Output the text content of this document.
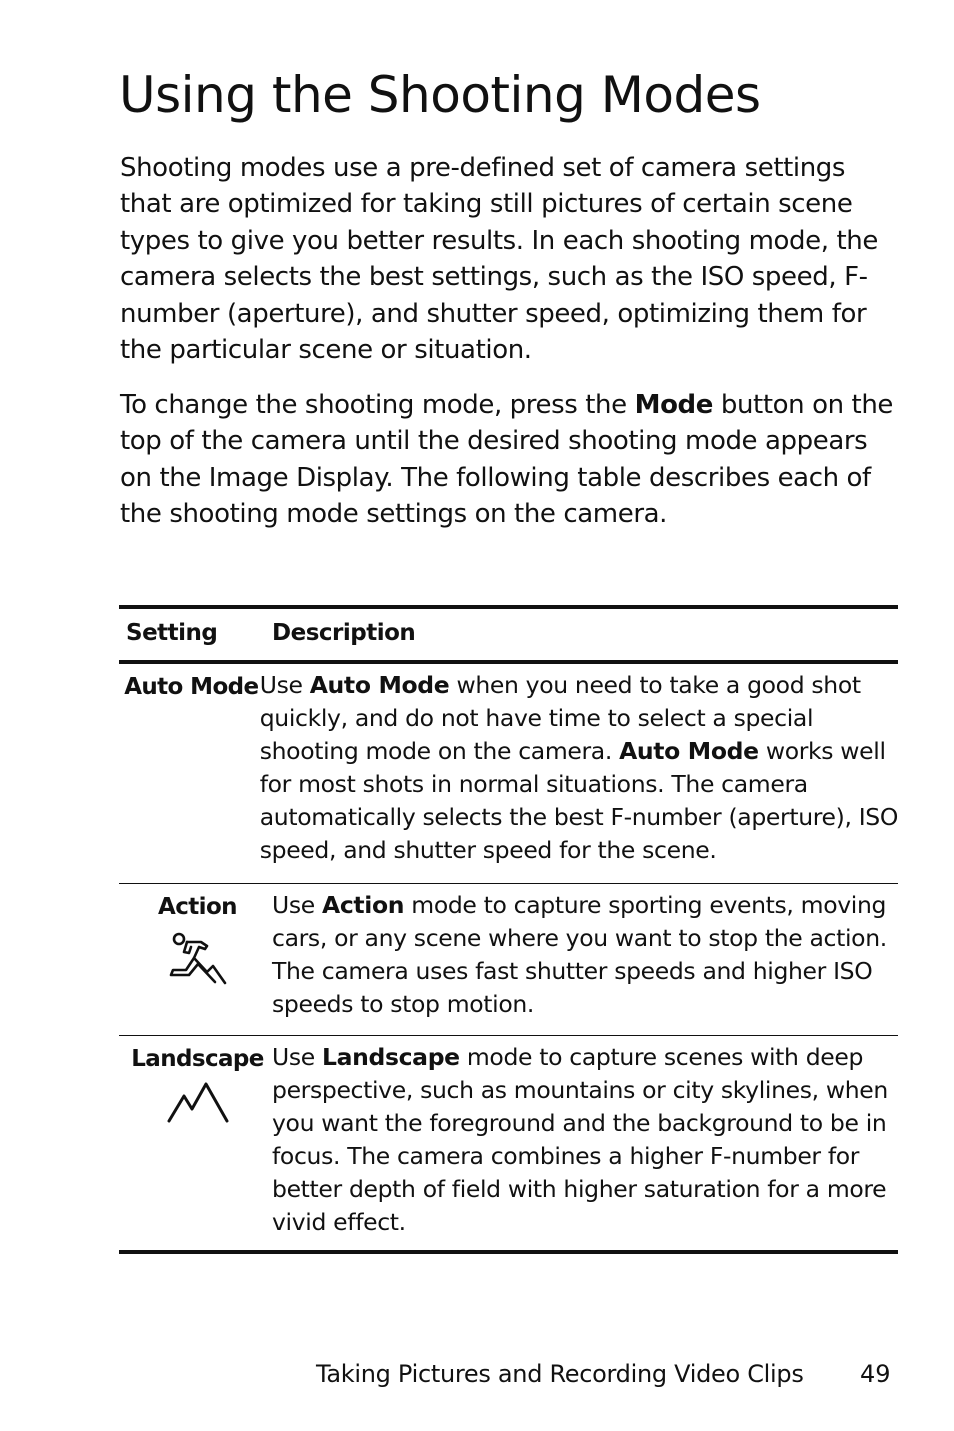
Using the Shooting Modes

Shooting modes use a pre-defined set of camera settings that are optimized for taking still pictures of certain scene types to give you better results. In each shooting mode, the camera selects the best settings, such as the ISO speed, F-number (aperture), and shutter speed, optimizing them for the particular scene or situation.

To change the shooting mode, press the Mode button on the top of the camera until the desired shooting mode appears on the Image Display. The following table describes each of the shooting mode settings on the camera.

Setting	Description
Auto Mode Use Auto Mode when you need to take a good shot
quickly, and do not have time to select a special
shooting mode on the camera. Auto Mode works well
for most shots in normal situations. The camera
automatically selects the best F-number (aperture), ISO
speed, and shutter speed for the scene.
Action	Use Action mode to capture sporting events, moving
cars, or any scene where you want to stop the action.
The camera uses fast shutter speeds and higher ISO
speeds to stop motion.
Landscape Use Landscape mode to capture scenes with deep
perspective, such as mountains or city skylines, when
you want the foreground and the background to be in
focus. The camera combines a higher F-number for
better depth of field with higher saturation for a more
vivid effect.
Taking Pictures and Recording Video Clips 49
